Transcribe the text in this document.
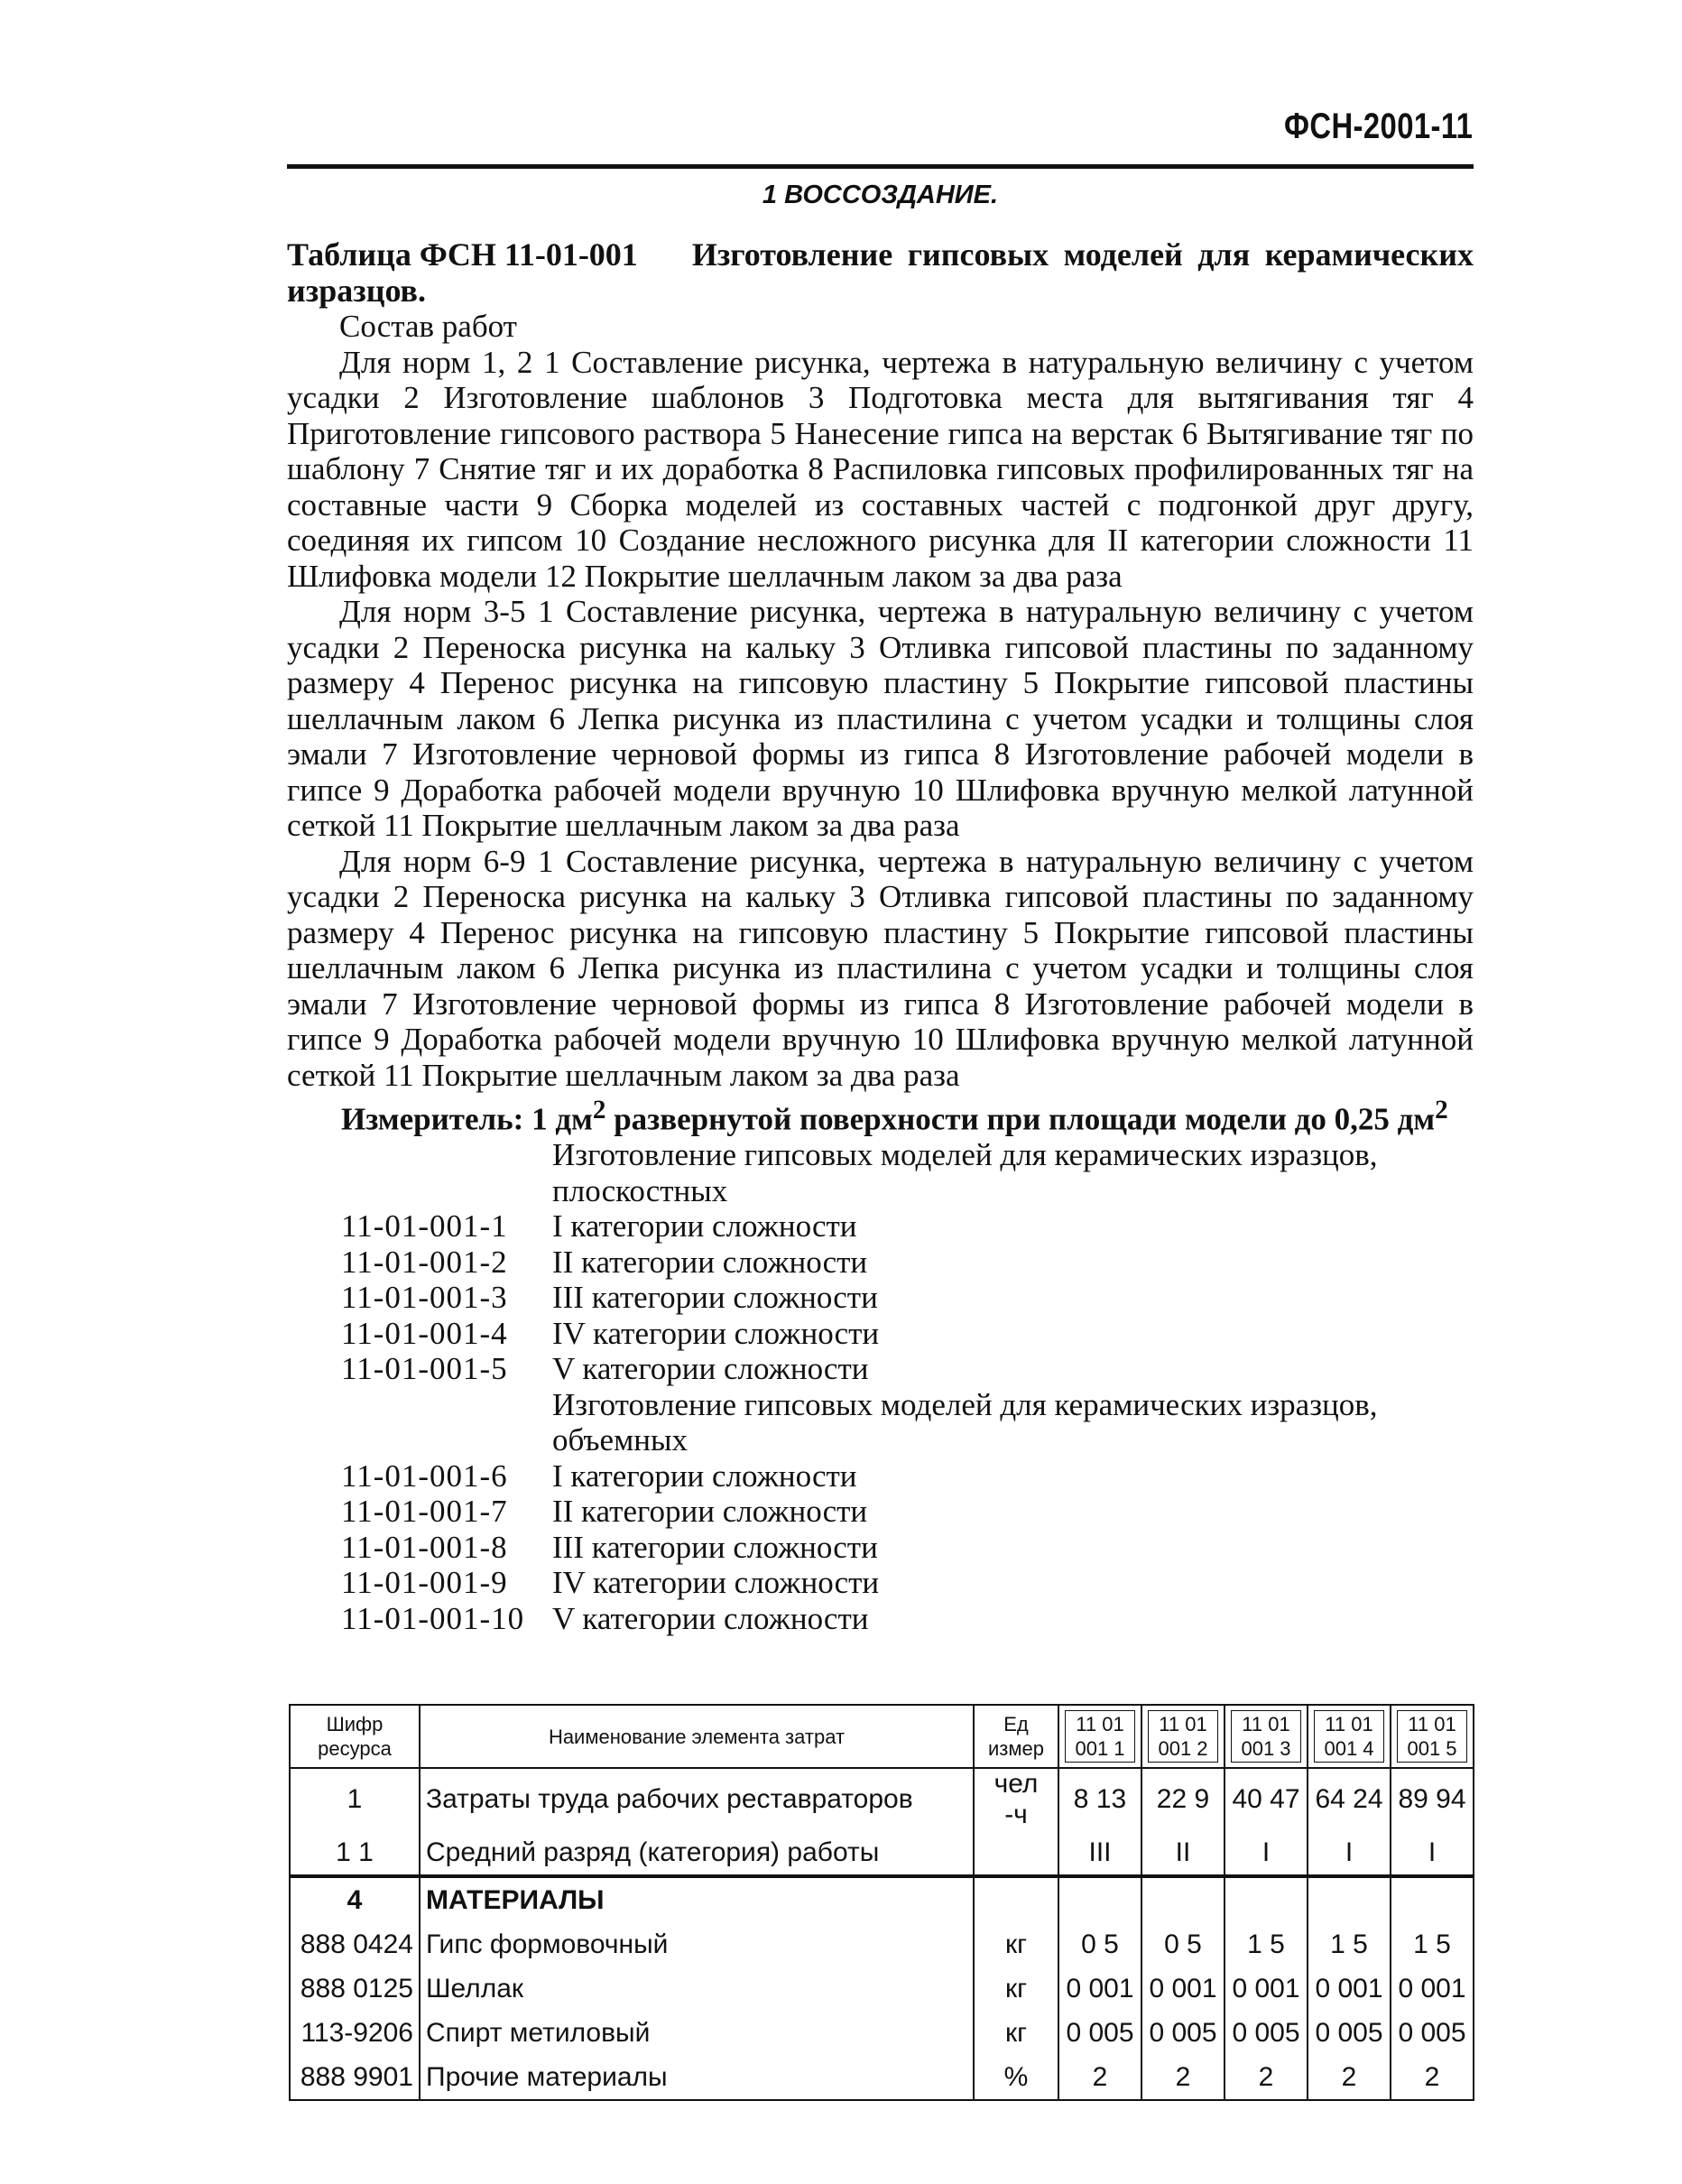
ФСН-2001-11
1 ВОССОЗДАНИЕ.
Таблица ФСН 11-01-001 Изготовление гипсовых моделей для керамических изразцов.

Состав работ

Для норм 1, 2 1 Составление рисунка, чертежа в натуральную величину с учетом усадки 2 Изготовление шаблонов 3 Подготовка места для вытягивания тяг 4 Приготовление гипсового раствора 5 Нанесение гипса на верстак 6 Вытягивание тяг по шаблону 7 Снятие тяг и их доработка 8 Распиловка гипсовых профилированных тяг на составные части 9 Сборка моделей из составных частей с подгонкой друг другу, соединяя их гипсом 10 Создание несложного рисунка для II категории сложности 11 Шлифовка модели 12 Покрытие шеллачным лаком за два раза

Для норм 3-5 1 Составление рисунка, чертежа в натуральную величину с учетом усадки 2 Переноска рисунка на кальку 3 Отливка гипсовой пластины по заданному размеру 4 Перенос рисунка на гипсовую пластину 5 Покрытие гипсовой пластины шеллачным лаком 6 Лепка рисунка из пластилина с учетом усадки и толщины слоя эмали 7 Изготовление черновой формы из гипса 8 Изготовление рабочей модели в гипсе 9 Доработка рабочей модели вручную 10 Шлифовка вручную мелкой латунной сеткой 11 Покрытие шеллачным лаком за два раза

Для норм 6-9 1 Составление рисунка, чертежа в натуральную величину с учетом усадки 2 Переноска рисунка на кальку 3 Отливка гипсовой пластины по заданному размеру 4 Перенос рисунка на гипсовую пластину 5 Покрытие гипсовой пластины шеллачным лаком 6 Лепка рисунка из пластилина с учетом усадки и толщины слоя эмали 7 Изготовление черновой формы из гипса 8 Изготовление рабочей модели в гипсе 9 Доработка рабочей модели вручную 10 Шлифовка вручную мелкой латунной сеткой 11 Покрытие шеллачным лаком за два раза

Измеритель: 1 $дм^2$ развернутой поверхности при площади модели до 0,25 $дм^2$
Изготовление гипсовых моделей для керамических изразцов, плоскостных
11-01-001-1	I категории сложности
11-01-001-2	II категории сложности
11-01-001-3	III категории сложности
11-01-001-4	IV категории сложности
11-01-001-5	V категории сложности
Изготовление гипсовых моделей для керамических изразцов, объемных
11-01-001-6	I категории сложности
11-01-001-7	II категории сложности
11-01-001-8	III категории сложности
11-01-001-9	IV категории сложности
11-01-001-10 V категории сложности
Шифр ресурса	Наименование элемента затрат	Ед измер	11 01 001 1	11 01 001 2	11 01 001 3	11 01 001 4	11 01 001 5

1	Затраты труда рабочих реставраторов	чел -ч	8 13	22 9	40 47	64 24	89 94
1 1	Средний разряд (категория) работы		III	II	I	I	I
4	МАТЕРИАЛЫ						
888 0424	Гипс формовочный	кг	0 5	0 5	1 5	1 5	1 5
888 0125	Шеллак	кг	0 001	0 001	0 001	0 001	0 001
113-9206	Спирт метиловый	кг	0 005	0 005	0 005	0 005	0 005
888 9901	Прочие материалы	%	2	2	2	2	2
